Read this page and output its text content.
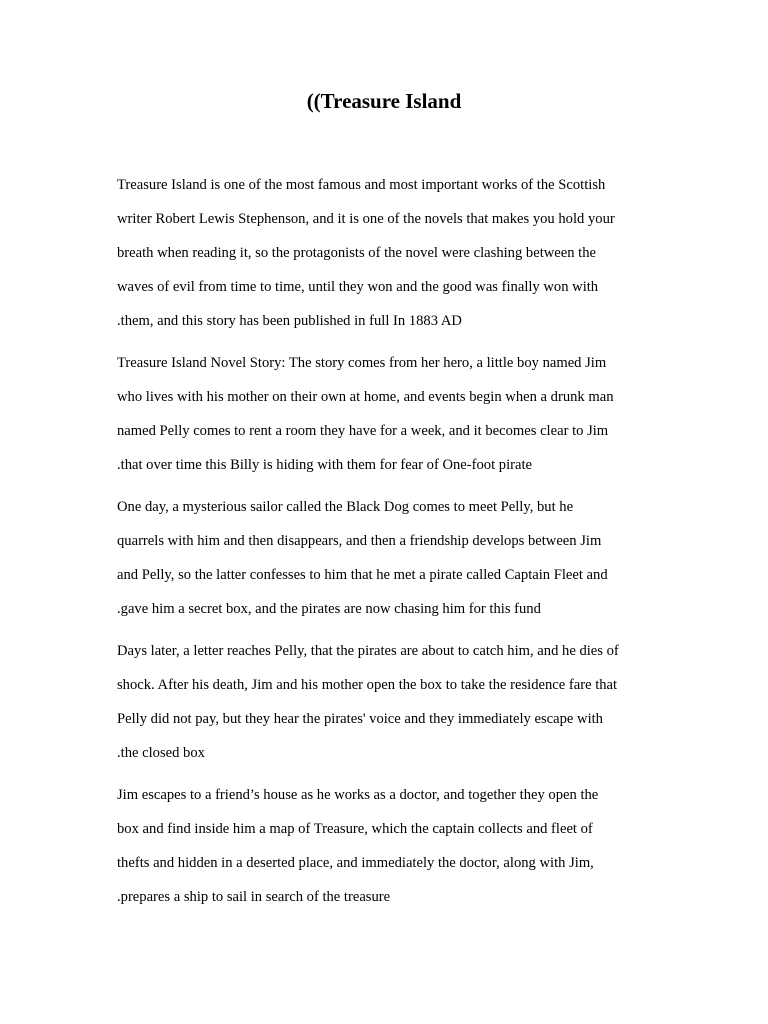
((Treasure Island
Treasure Island is one of the most famous and most important works of the Scottish
writer Robert Lewis Stephenson, and it is one of the novels that makes you hold your
breath when reading it, so the protagonists of the novel were clashing between the
waves of evil from time to time, until they won and the good was finally won with
.them, and this story has been published in full In 1883 AD
Treasure Island Novel Story: The story comes from her hero, a little boy named Jim
who lives with his mother on their own at home, and events begin when a drunk man
named Pelly comes to rent a room they have for a week, and it becomes clear to Jim
.that over time this Billy is hiding with them for fear of One-foot pirate
One day, a mysterious sailor called the Black Dog comes to meet Pelly, but he
quarrels with him and then disappears, and then a friendship develops between Jim
and Pelly, so the latter confesses to him that he met a pirate called Captain Fleet and
.gave him a secret box, and the pirates are now chasing him for this fund
Days later, a letter reaches Pelly, that the pirates are about to catch him, and he dies of
shock. After his death, Jim and his mother open the box to take the residence fare that
Pelly did not pay, but they hear the pirates' voice and they immediately escape with
.the closed box
Jim escapes to a friend’s house as he works as a doctor, and together they open the
box and find inside him a map of Treasure, which the captain collects and fleet of
thefts and hidden in a deserted place, and immediately the doctor, along with Jim,
.prepares a ship to sail in search of the treasure
